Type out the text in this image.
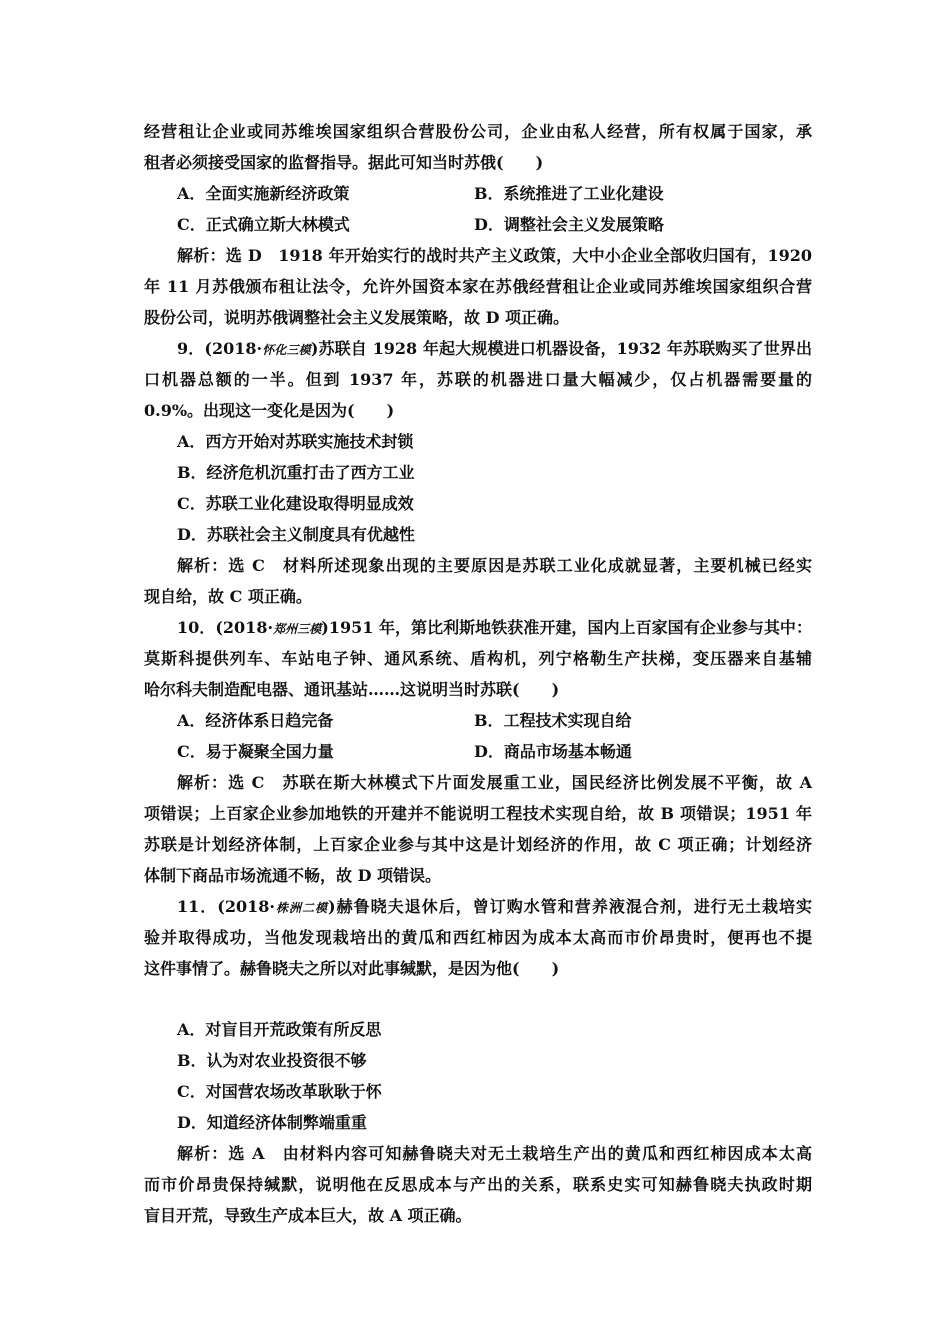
经营租让企业或同苏维埃国家组织合营股份公司，企业由私人经营，所有权属于国家，承
租者必须接受国家的监督指导。据此可知当时苏俄(　　)
A．全面实施新经济政策	B．系统推进了工业化建设
C．正式确立斯大林模式	D．调整社会主义发展策略
解析：选 D　1918 年开始实行的战时共产主义政策，大中小企业全部收归国有，1920
年 11 月苏俄颁布租让法令，允许外国资本家在苏俄经营租让企业或同苏维埃国家组织合营
股份公司，说明苏俄调整社会主义发展策略，故 D 项正确。
9．(2018·怀化三模)苏联自 1928 年起大规模进口机器设备，1932 年苏联购买了世界出
口机器总额的一半。但到 1937 年，苏联的机器进口量大幅减少，仅占机器需要量的
0.9%。出现这一变化是因为(　　)
A．西方开始对苏联实施技术封锁
B．经济危机沉重打击了西方工业
C．苏联工业化建设取得明显成效
D．苏联社会主义制度具有优越性
解析：选 C　材料所述现象出现的主要原因是苏联工业化成就显著，主要机械已经实
现自给，故 C 项正确。
10．(2018·郑州三模)1951 年，第比利斯地铁获准开建，国内上百家国有企业参与其中：
莫斯科提供列车、车站电子钟、通风系统、盾构机，列宁格勒生产扶梯，变压器来自基辅
哈尔科夫制造配电器、通讯基站……这说明当时苏联(　　)
A．经济体系日趋完备	B．工程技术实现自给
C．易于凝聚全国力量	D．商品市场基本畅通
解析：选 C　苏联在斯大林模式下片面发展重工业，国民经济比例发展不平衡，故 A
项错误；上百家企业参加地铁的开建并不能说明工程技术实现自给，故 B 项错误；1951 年
苏联是计划经济体制，上百家企业参与其中这是计划经济的作用，故 C 项正确；计划经济
体制下商品市场流通不畅，故 D 项错误。
11．(2018·株洲二模)赫鲁晓夫退休后，曾订购水管和营养液混合剂，进行无土栽培实
验并取得成功，当他发现栽培出的黄瓜和西红柿因为成本太高而市价昂贵时，便再也不提
这件事情了。赫鲁晓夫之所以对此事缄默，是因为他(　　)
A．对盲目开荒政策有所反思
B．认为对农业投资很不够
C．对国营农场改革耿耿于怀
D．知道经济体制弊端重重
解析：选 A　由材料内容可知赫鲁晓夫对无土栽培生产出的黄瓜和西红柿因成本太高
而市价昂贵保持缄默，说明他在反思成本与产出的关系，联系史实可知赫鲁晓夫执政时期
盲目开荒，导致生产成本巨大，故 A 项正确。
